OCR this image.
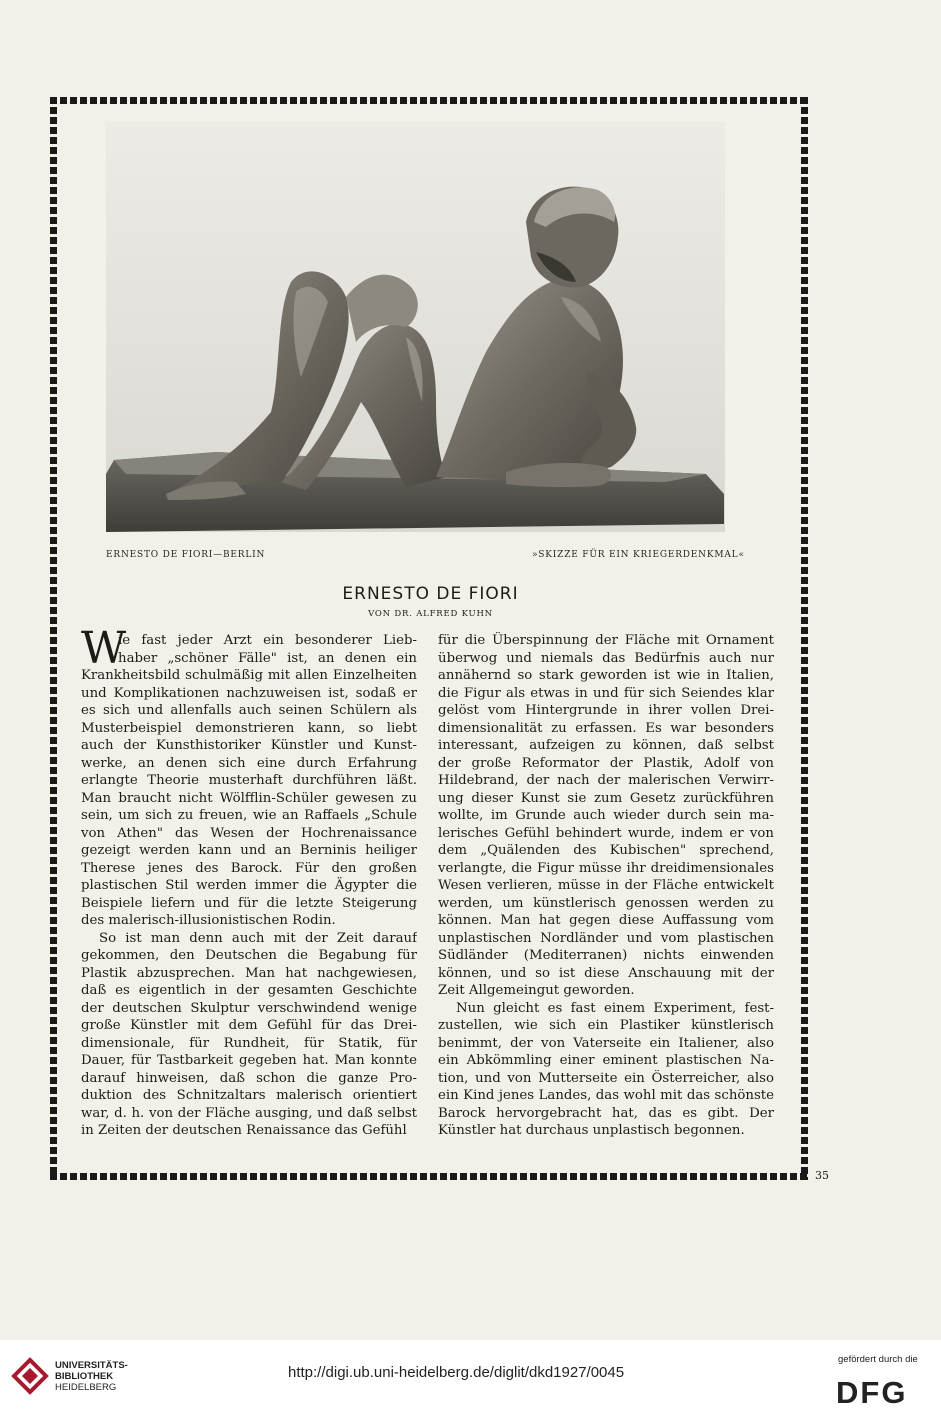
ERNESTO DE FIORI—BERLIN	»SKIZZE FÜR EIN KRIEGERDENKMAL«
ERNESTO DE FIORI
VON DR. ALFRED KUHN
W
ie fast jeder Arzt ein besonderer Lieb-
haber „schöner Fälle" ist, an denen ein
Krankheitsbild schulmäßig mit allen Einzelheiten
und Komplikationen nachzuweisen ist, sodaß er
es sich und allenfalls auch seinen Schülern als
Musterbeispiel demonstrieren kann, so liebt
auch der Kunsthistoriker Künstler und Kunst-
werke, an denen sich eine durch Erfahrung
erlangte Theorie musterhaft durchführen läßt.
Man braucht nicht Wölfflin-Schüler gewesen zu
sein, um sich zu freuen, wie an Raffaels „Schule
von Athen" das Wesen der Hochrenaissance
gezeigt werden kann und an Berninis heiliger
Therese jenes des Barock. Für den großen
plastischen Stil werden immer die Ägypter die
Beispiele liefern und für die letzte Steigerung
des malerisch-illusionistischen Rodin.
So ist man denn auch mit der Zeit darauf
gekommen, den Deutschen die Begabung für
Plastik abzusprechen. Man hat nachgewiesen,
daß es eigentlich in der gesamten Geschichte
der deutschen Skulptur verschwindend wenige
große Künstler mit dem Gefühl für das Drei-
dimensionale, für Rundheit, für Statik, für
Dauer, für Tastbarkeit gegeben hat. Man konnte
darauf hinweisen, daß schon die ganze Pro-
duktion des Schnitzaltars malerisch orientiert
war, d. h. von der Fläche ausging, und daß selbst
in Zeiten der deutschen Renaissance das Gefühl
für die Überspinnung der Fläche mit Ornament
überwog und niemals das Bedürfnis auch nur
annähernd so stark geworden ist wie in Italien,
die Figur als etwas in und für sich Seiendes klar
gelöst vom Hintergrunde in ihrer vollen Drei-
dimensionalität zu erfassen. Es war besonders
interessant, aufzeigen zu können, daß selbst
der große Reformator der Plastik, Adolf von
Hildebrand, der nach der malerischen Verwirr-
ung dieser Kunst sie zum Gesetz zurückführen
wollte, im Grunde auch wieder durch sein ma-
lerisches Gefühl behindert wurde, indem er von
dem „Quälenden des Kubischen" sprechend,
verlangte, die Figur müsse ihr dreidimensionales
Wesen verlieren, müsse in der Fläche entwickelt
werden, um künstlerisch genossen werden zu
können. Man hat gegen diese Auffassung vom
unplastischen Nordländer und vom plastischen
Südländer (Mediterranen) nichts einwenden
können, und so ist diese Anschauung mit der
Zeit Allgemeingut geworden.
Nun gleicht es fast einem Experiment, fest-
zustellen, wie sich ein Plastiker künstlerisch
benimmt, der von Vaterseite ein Italiener, also
ein Abkömmling einer eminent plastischen Na-
tion, und von Mutterseite ein Österreicher, also
ein Kind jenes Landes, das wohl mit das schönste
Barock hervorgebracht hat, das es gibt. Der
Künstler hat durchaus unplastisch begonnen.
35
UNIVERSITÄTS-
BIBLIOTHEK
HEIDELBERG
http://digi.ub.uni-heidelberg.de/diglit/dkd1927/0045
gefördert durch die
DFG
